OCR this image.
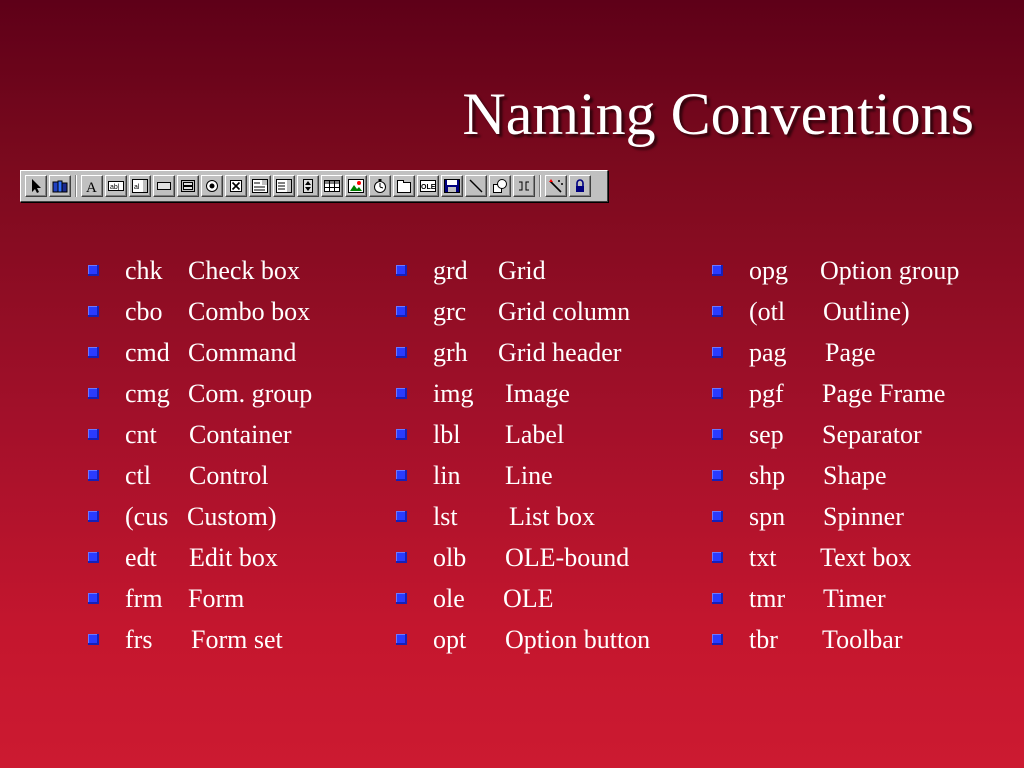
Naming Conventions
A ab| al	OLE
chk Check box
cbo Combo box
cmd Command
cmg Com. group
cnt Container
ctl Control
(cus Custom)
edt Edit box
frm Form
frs Form set
grd Grid
grc Grid column
grh Grid header
img Image
lbl Label
lin Line
lst List box
olb OLE-bound
ole OLE
opt Option button
opg Option group
(otl Outline)
pag Page
pgf Page Frame
sep Separator
shp Shape
spn Spinner
txt Text box
tmr Timer
tbr Toolbar
